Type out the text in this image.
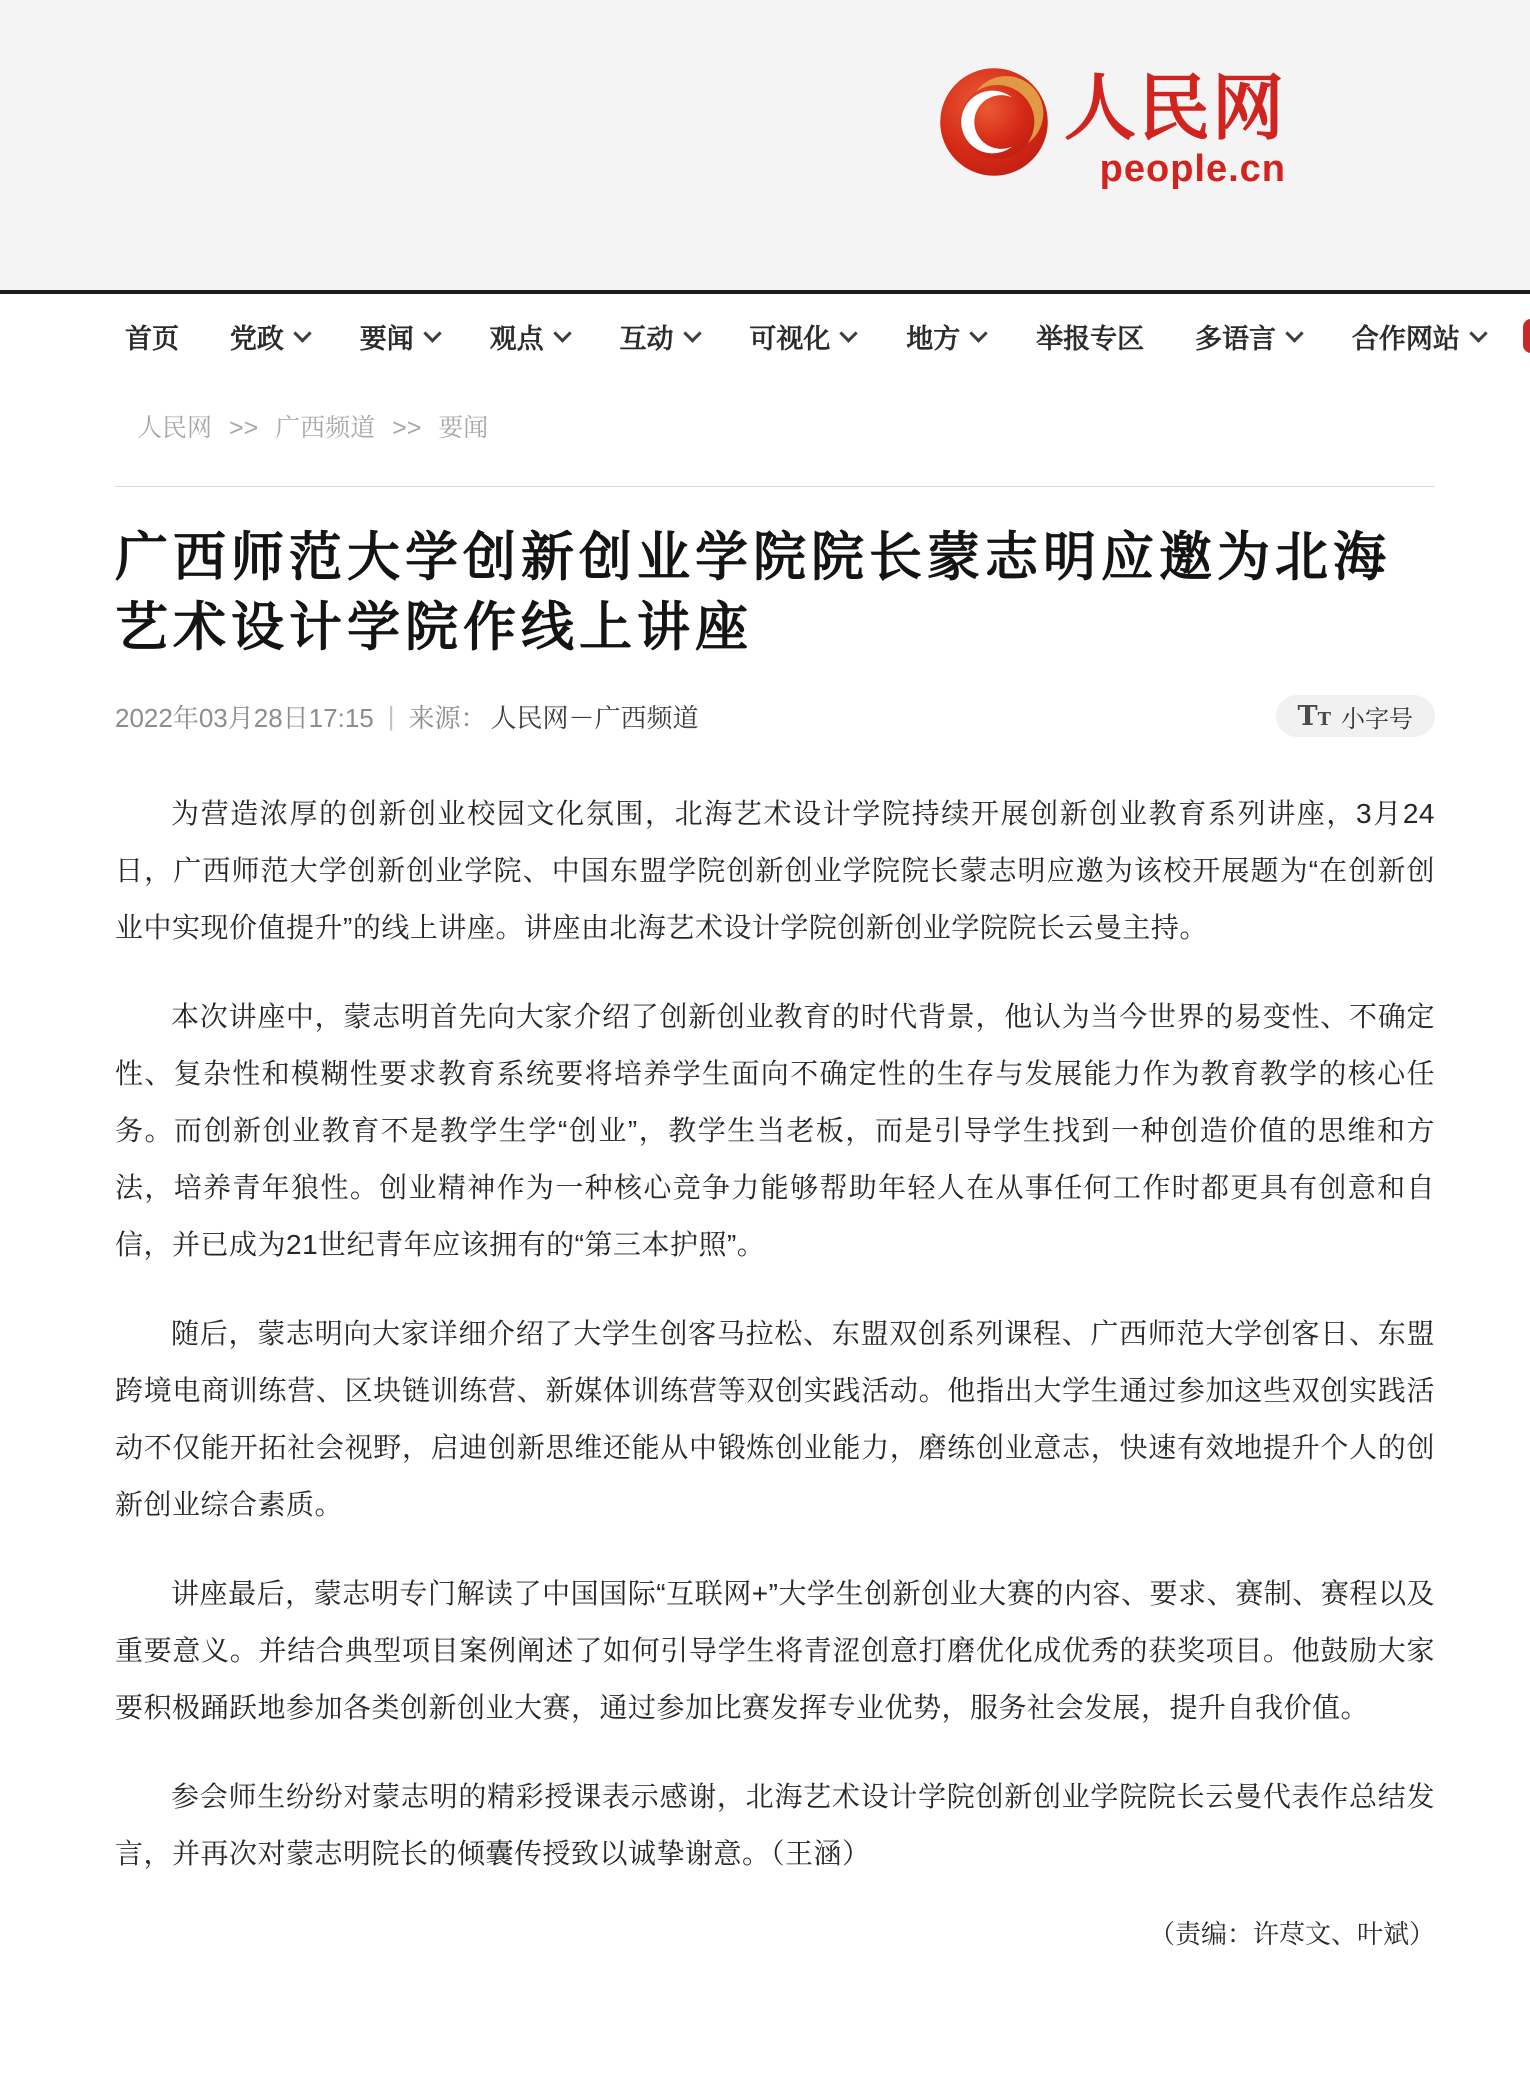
人民网
people.cn
首页 党政	要闻	观点	互动	可视化	地方	举报专区 多语言	合作网站
人民网 >> 广西频道 >> 要闻
广西师范大学创新创业学院院长蒙志明应邀为北海艺术设计学院作线上讲座
2022年03月28日17:15 | 来源： 人民网－广西频道	T T 小字号

为营造浓厚的创新创业校园文化氛围，北海艺术设计学院持续开展创新创业教育系列讲座，3月24日，广西师范大学创新创业学院、中国东盟学院创新创业学院院长蒙志明应邀为该校开展题为“在创新创业中实现价值提升”的线上讲座。讲座由北海艺术设计学院创新创业学院院长云曼主持。

本次讲座中，蒙志明首先向大家介绍了创新创业教育的时代背景，他认为当今世界的易变性、不确定性、复杂性和模糊性要求教育系统要将培养学生面向不确定性的生存与发展能力作为教育教学的核心任务。而创新创业教育不是教学生学“创业”，教学生当老板，而是引导学生找到一种创造价值的思维和方法，培养青年狼性。创业精神作为一种核心竞争力能够帮助年轻人在从事任何工作时都更具有创意和自信，并已成为21世纪青年应该拥有的“第三本护照”。

随后，蒙志明向大家详细介绍了大学生创客马拉松、东盟双创系列课程、广西师范大学创客日、东盟跨境电商训练营、区块链训练营、新媒体训练营等双创实践活动。他指出大学生通过参加这些双创实践活动不仅能开拓社会视野，启迪创新思维还能从中锻炼创业能力，磨练创业意志，快速有效地提升个人的创新创业综合素质。

讲座最后，蒙志明专门解读了中国国际“互联网+”大学生创新创业大赛的内容、要求、赛制、赛程以及重要意义。并结合典型项目案例阐述了如何引导学生将青涩创意打磨优化成优秀的获奖项目。他鼓励大家要积极踊跃地参加各类创新创业大赛，通过参加比赛发挥专业优势，服务社会发展，提升自我价值。

参会师生纷纷对蒙志明的精彩授课表示感谢，北海艺术设计学院创新创业学院院长云曼代表作总结发言，并再次对蒙志明院长的倾囊传授致以诚挚谢意。（王涵）

（责编：许荩文、叶斌）
